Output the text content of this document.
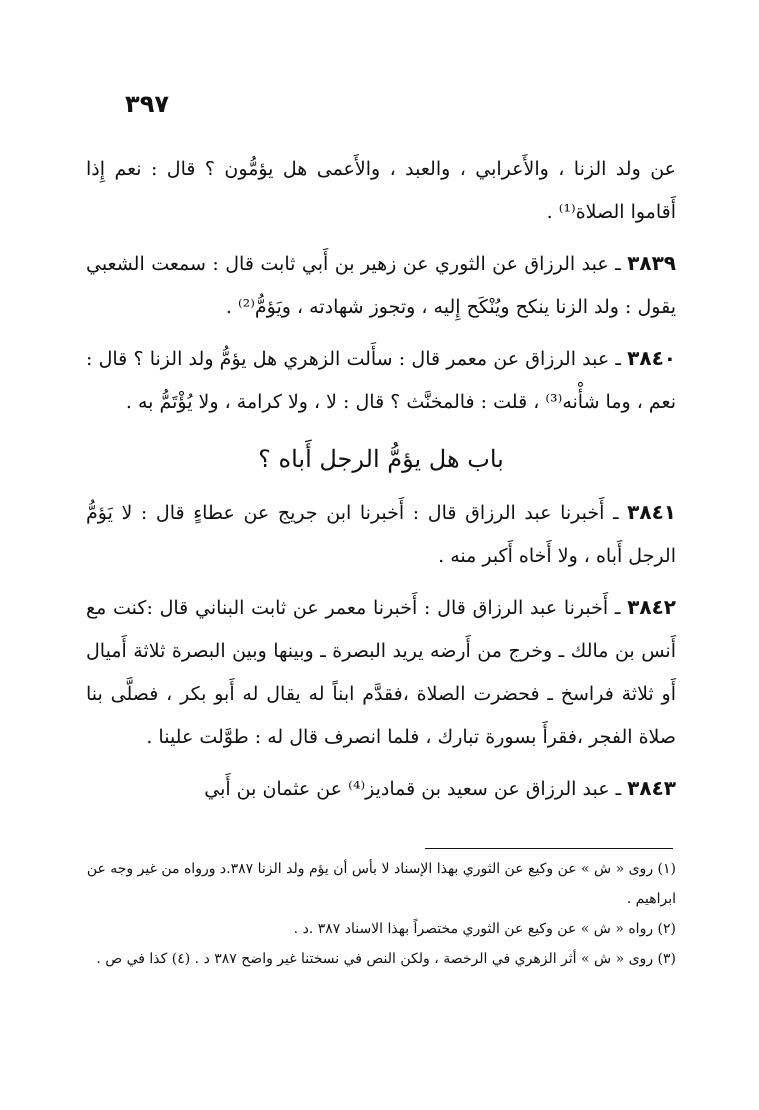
٣٩٧

عن ولد الزنا ، والأَعرابي ، والعبد ، والأَعمى هل يؤمُّون ؟ قال : نعم إِذا أَقاموا الصلاة⁽¹⁾ .

٣٨٣٩ ـ عبد الرزاق عن الثوري عن زهير بن أَبي ثابت قال : سمعت الشعبي يقول : ولد الزنا ينكح ويُنْكَح إِليه ، وتجوز شهادته ، ويَؤمُّ⁽²⁾ .

٣٨٤٠ ـ عبد الرزاق عن معمر قال : سأَلت الزهري هل يؤمُّ ولد الزنا ؟ قال : نعم ، وما شأْنه⁽³⁾ ، قلت : فالمخنَّث ؟ قال : لا ، ولا كرامة ، ولا يُؤْتَمُّ به .

باب هل يؤمُّ الرجل أَباه ؟

٣٨٤١ ـ أَخبرنا عبد الرزاق قال : أَخبرنا ابن جريج عن عطاءٍ قال : لا يَؤمُّ الرجل أَباه ، ولا أَخاه أَكبر منه .

٣٨٤٢ ـ أَخبرنا عبد الرزاق قال : أَخبرنا معمر عن ثابت البناني قال :كنت مع أَنس بن مالك ـ وخرج من أَرضه يريد البصرة ـ وبينها وبين البصرة ثلاثة أَميال أَو ثلاثة فراسخ ـ فحضرت الصلاة ،فقدَّم ابناً له يقال له أَبو بكر ، فصلَّى بنا صلاة الفجر ،فقرأَ بسورة تبارك ، فلما انصرف قال له : طوَّلت علينا .

٣٨٤٣ ـ عبد الرزاق عن سعيد بن قماديز⁽⁴⁾ عن عثمان بن أَبي

(١) روى « ش » عن وكيع عن الثوري بهذا الإسناد لا بأس أن يؤم ولد الزنا ٣٨٧.د ورواه من غير وجه عن ابراهيم .

(٢) رواه « ش » عن وكيع عن الثوري مختصراً بهذا الاسناد ٣٨٧ .د .

(٣) روى « ش » أثر الزهري في الرخصة ، ولكن النص في نسختنا غير واضح ٣٨٧ د . (٤) كذا في ص .
